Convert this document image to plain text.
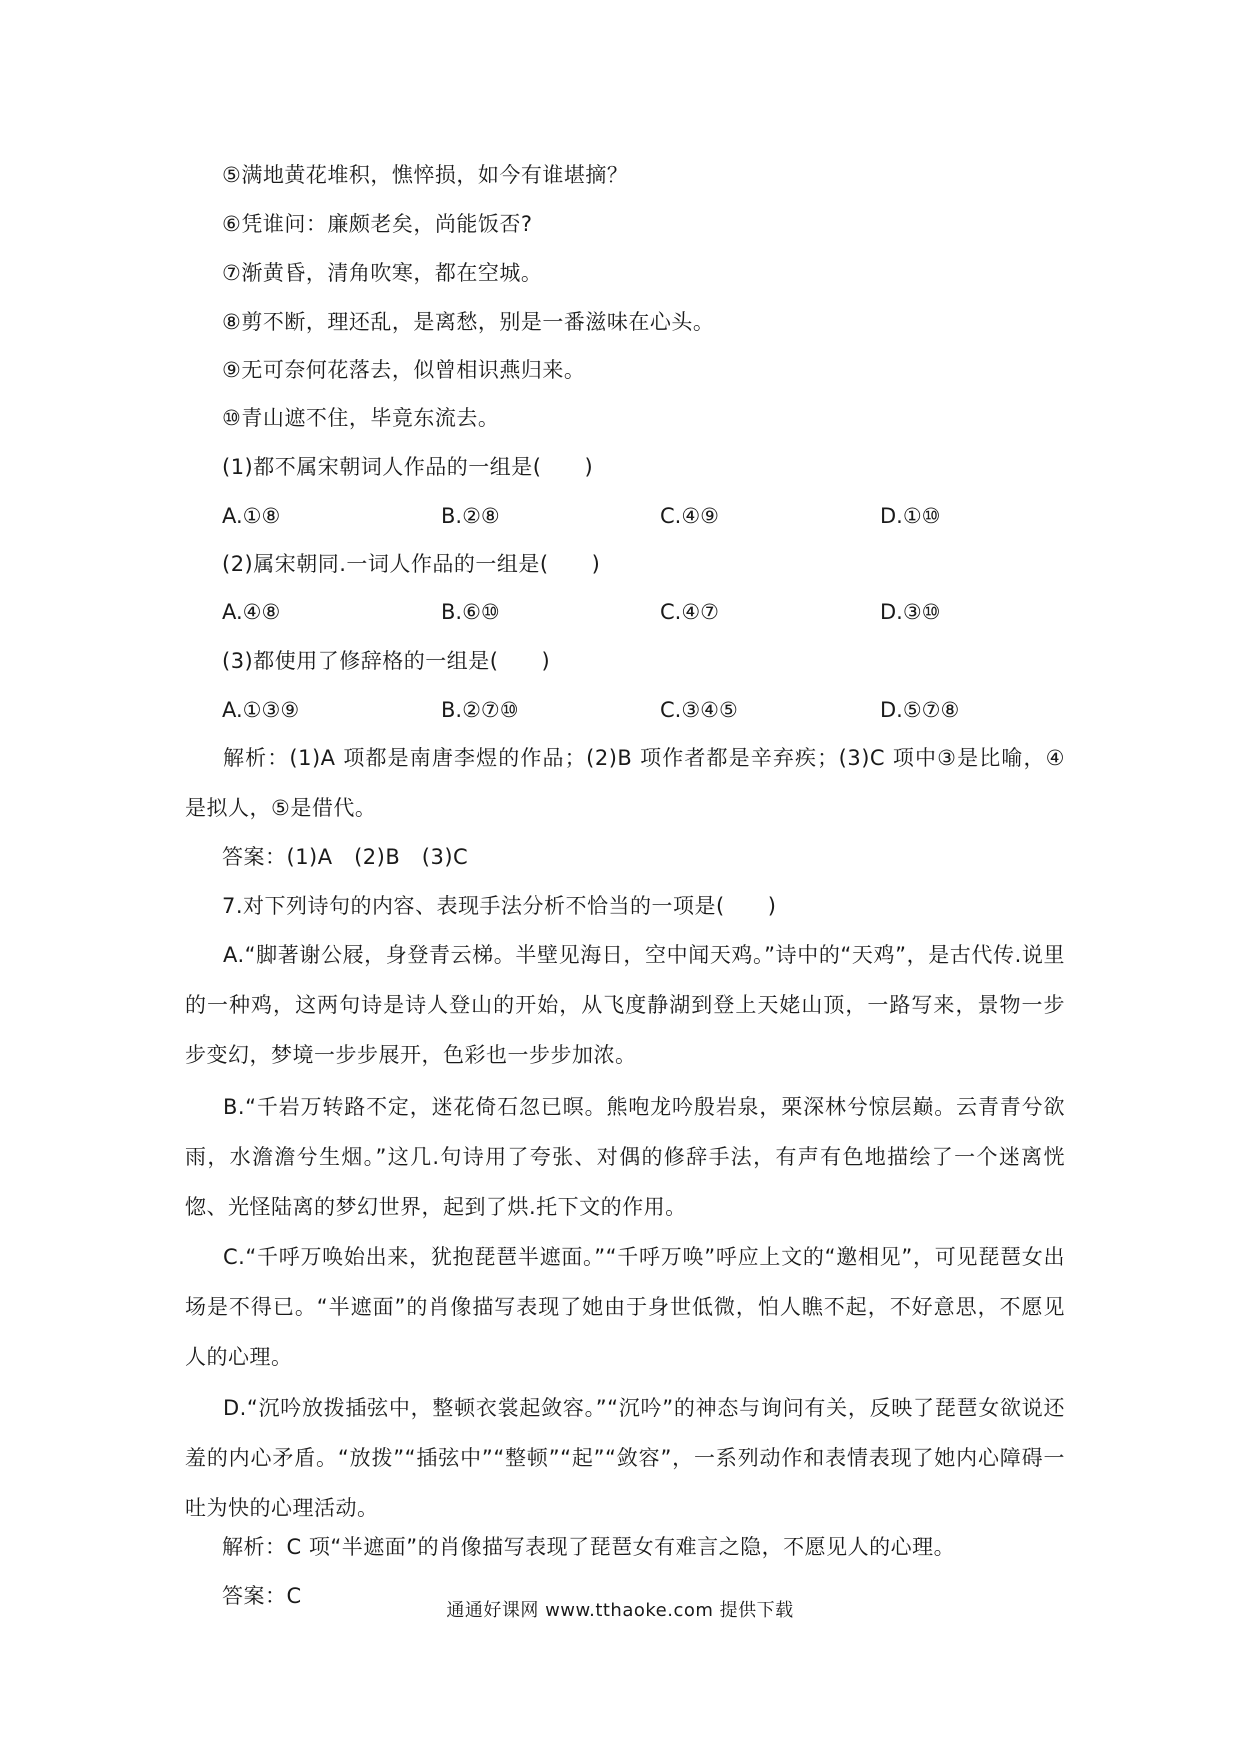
⑤满地黄花堆积，憔悴损，如今有谁堪摘？
⑥凭谁问：廉颇老矣，尚能饭否?
⑦渐黄昏，清角吹寒，都在空城。
⑧剪不断，理还乱，是离愁，别是一番滋味在心头。
⑨无可奈何花落去，似曾相识燕归来。
⑩青山遮不住，毕竟东流去。
(1)都不属宋朝词人作品的一组是(　　)
A.①⑧	B.②⑧	C.④⑨	D.①⑩
(2)属宋朝同.一词人作品的一组是(　　)
A.④⑧	B.⑥⑩	C.④⑦	D.③⑩
(3)都使用了修辞格的一组是(　　)
A.①③⑨	B.②⑦⑩	C.③④⑤	D.⑤⑦⑧
解析：(1)A 项都是南唐李煜的作品；(2)B 项作者都是辛弃疾；(3)C 项中③是比喻，④是拟人，⑤是借代。
答案：(1)A　(2)B　(3)C
7.对下列诗句的内容、表现手法分析不恰当的一项是(　　)
A.“脚著谢公屐，身登青云梯。半壁见海日，空中闻天鸡。”诗中的“天鸡”，是古代传.说里的一种鸡，这两句诗是诗人登山的开始，从飞度静湖到登上天姥山顶，一路写来，景物一步步变幻，梦境一步步展开，色彩也一步步加浓。
B.“千岩万转路不定，迷花倚石忽已暝。熊咆龙吟殷岩泉，栗深林兮惊层巅。云青青兮欲雨，水澹澹兮生烟。”这几.句诗用了夸张、对偶的修辞手法，有声有色地描绘了一个迷离恍惚、光怪陆离的梦幻世界，起到了烘.托下文的作用。
C.“千呼万唤始出来，犹抱琵琶半遮面。”“千呼万唤”呼应上文的“邀相见”，可见琵琶女出场是不得已。“半遮面”的肖像描写表现了她由于身世低微，怕人瞧不起，不好意思，不愿见人的心理。
D.“沉吟放拨插弦中，整顿衣裳起敛容。”“沉吟”的神态与询问有关，反映了琵琶女欲说还羞的内心矛盾。“放拨”“插弦中”“整顿”“起”“敛容”，一系列动作和表情表现了她内心障碍一吐为快的心理活动。
解析：C 项“半遮面”的肖像描写表现了琵琶女有难言之隐，不愿见人的心理。
答案：C
通通好课网 www.tthaoke.com 提供下载
